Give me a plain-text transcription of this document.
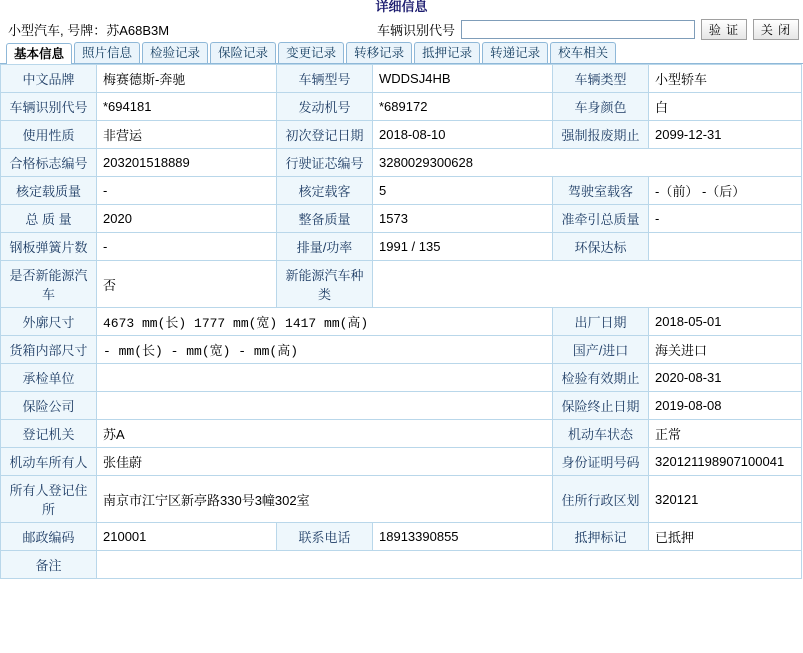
详细信息
小型汽车, 号牌：苏A68B3M	车辆识别代号	验 证	关 闭
基本信息	照片信息	检验记录	保险记录	变更记录	转移记录	抵押记录	转递记录	校车相关
中文品牌	梅赛德斯-奔驰	车辆型号	WDDSJ4HB	车辆类型	小型轿车
车辆识别代号	*694181	发动机号	*689172	车身颜色	白
使用性质	非营运	初次登记日期	2018-08-10	强制报废期止	2099-12-31
合格标志编号	203201518889	行驶证芯编号	3280029300628		
核定载质量	-	核定载客	5	驾驶室载客	-（前） -（后）
总 质 量	2020	整备质量	1573	准牵引总质量	-
钢板弹簧片数	-	排量/功率	1991 / 135	环保达标	
是否新能源汽车	否	新能源汽车种类			
外廓尺寸	4673 mm(长) 1777 mm(宽) 1417 mm(高)			出厂日期	2018-05-01
货箱内部尺寸	- mm(长) - mm(宽) - mm(高)			国产/进口	海关进口
承检单位				检验有效期止	2020-08-31
保险公司				保险终止日期	2019-08-08
登记机关	苏A			机动车状态	正常
机动车所有人	张佳蔚			身份证明号码	320121198907100041
所有人登记住所	南京市江宁区新亭路330号3幢302室			住所行政区划	320121
邮政编码	210001	联系电话	18913390855	抵押标记	已抵押
备注					
